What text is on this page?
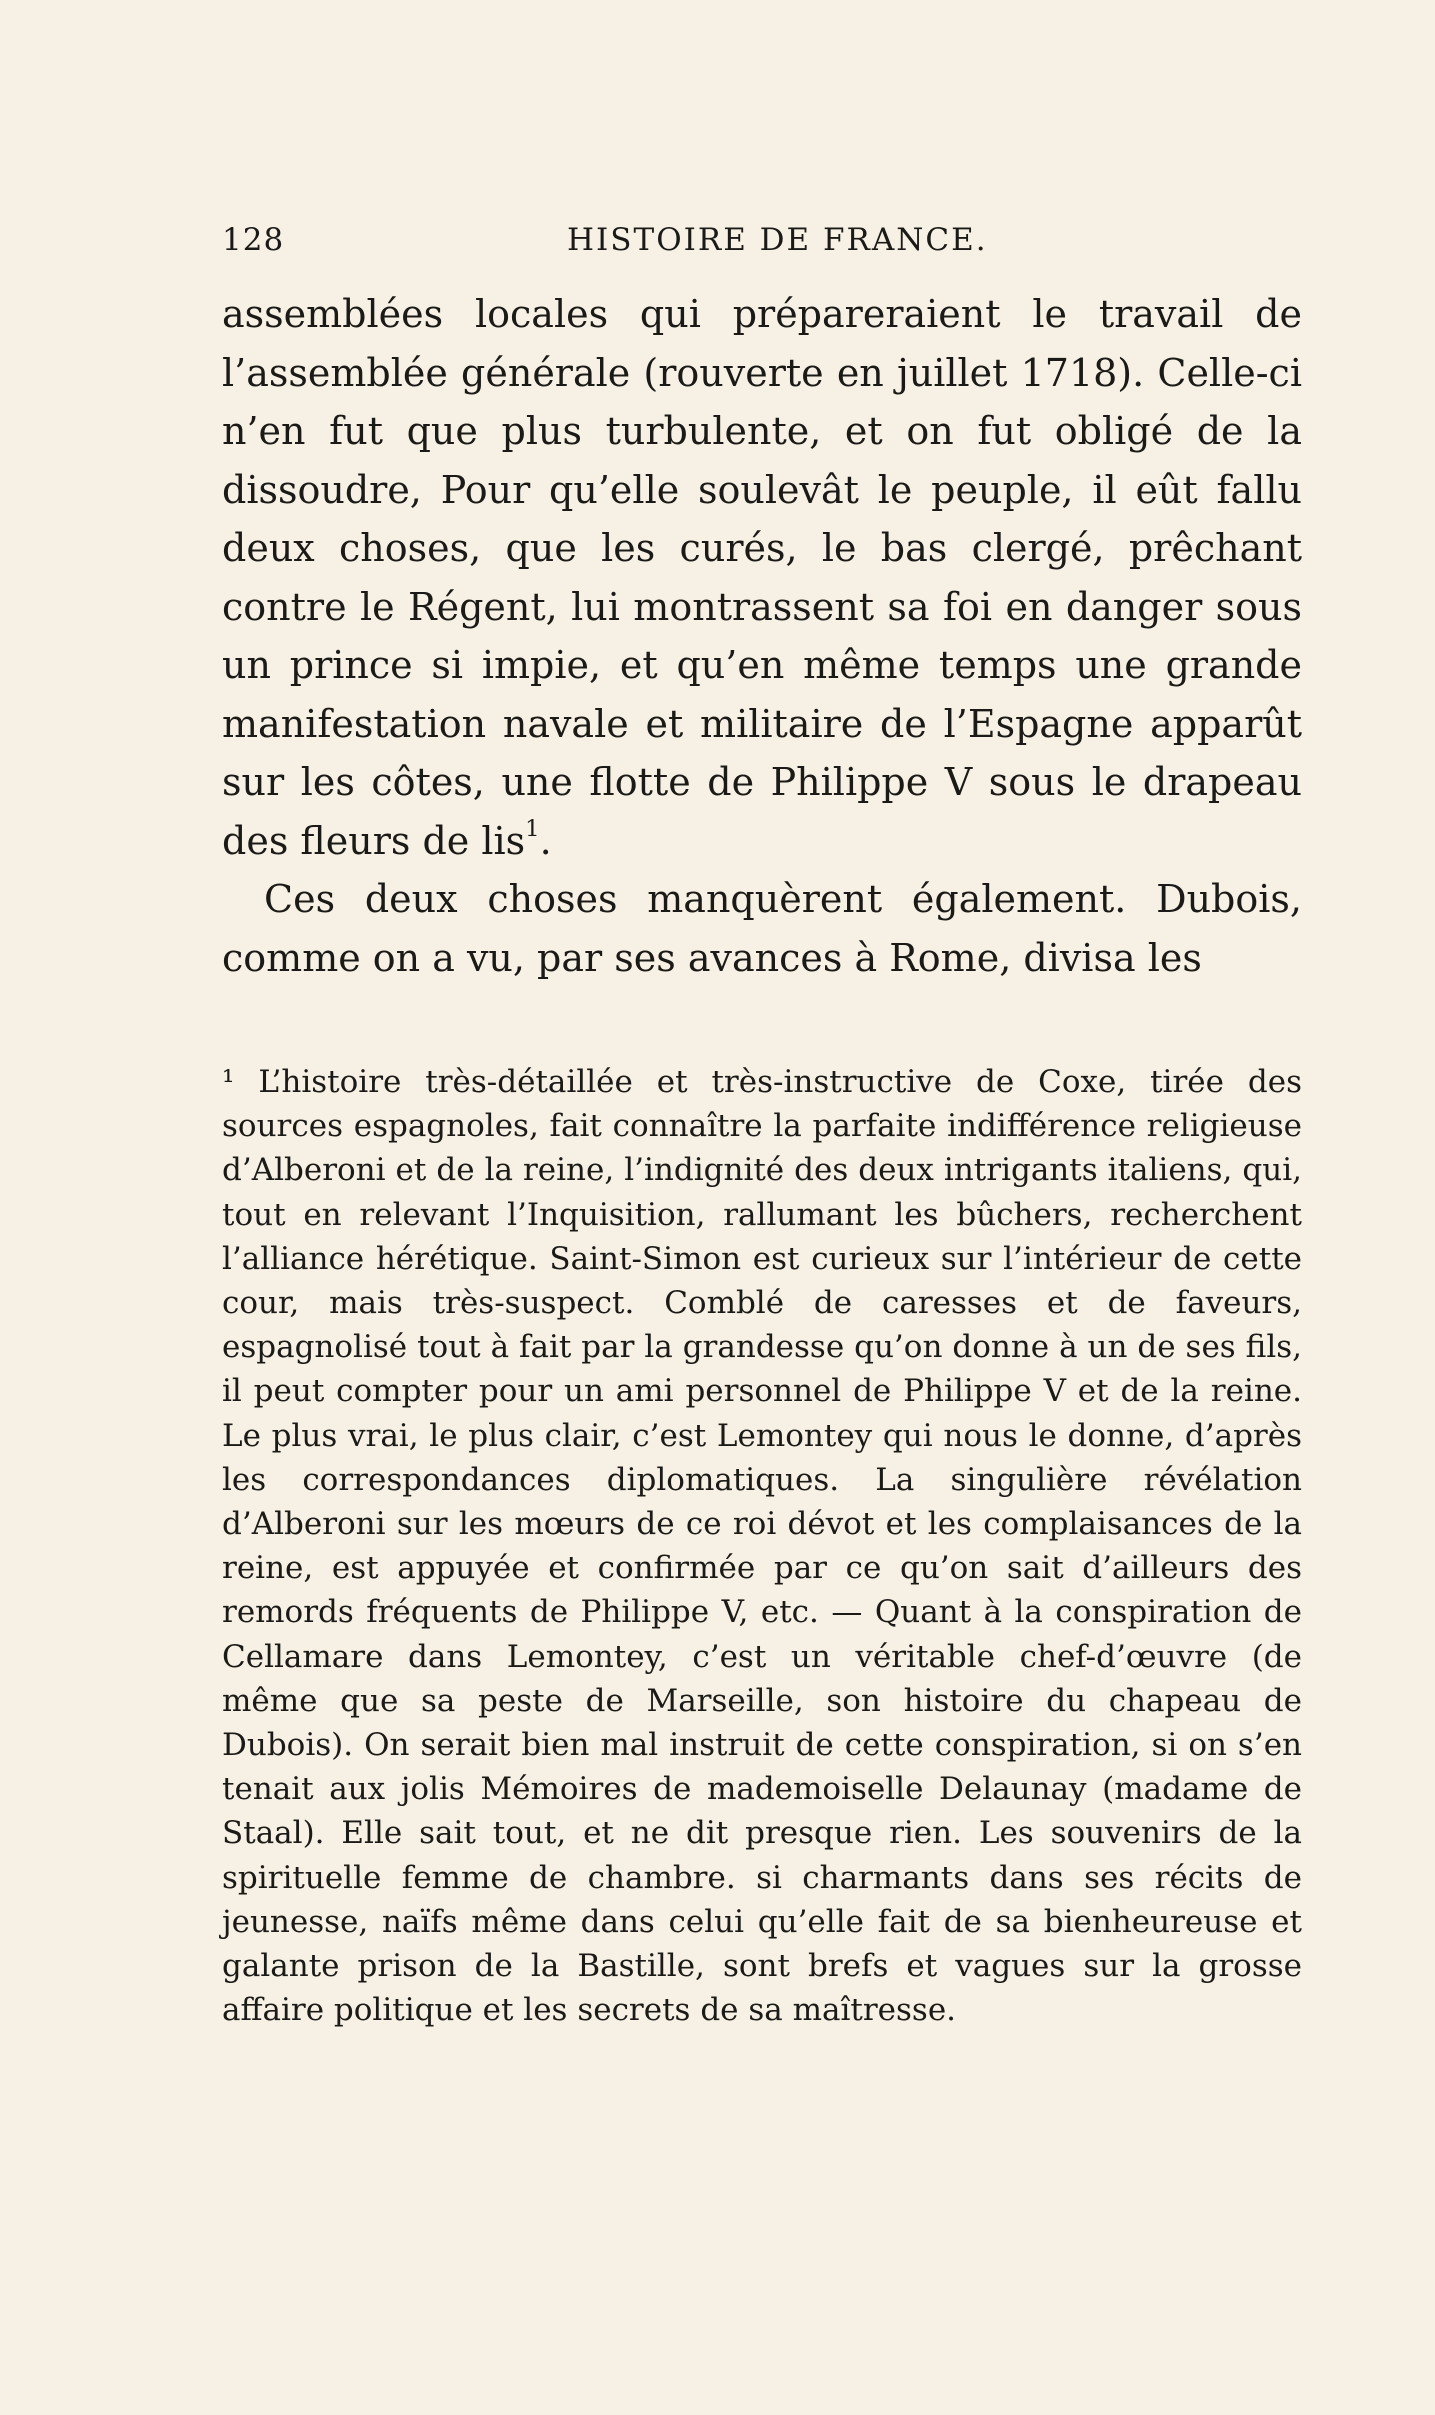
128	HISTOIRE DE FRANCE.

assemblées locales qui prépareraient le travail de l’assemblée générale (rouverte en juillet 1718). Celle-ci n’en fut que plus turbulente, et on fut obligé de la dissoudre, Pour qu’elle soulevât le peuple, il eût fallu deux choses, que les curés, le bas clergé, prêchant contre le Régent, lui montrassent sa foi en danger sous un prince si impie, et qu’en même temps une grande manifestation navale et militaire de l’Espagne apparût sur les côtes, une flotte de Philippe V sous le drapeau des fleurs de lis$^1$.

Ces deux choses manquèrent également. Dubois, comme on a vu, par ses avances à Rome, divisa les

¹ L’histoire très-détaillée et très-instructive de Coxe, tirée des sources espagnoles, fait connaître la parfaite indifférence religieuse d’Alberoni et de la reine, l’indignité des deux intrigants italiens, qui, tout en relevant l’Inquisition, rallumant les bûchers, recherchent l’alliance hérétique. Saint-Simon est curieux sur l’intérieur de cette cour, mais très-suspect. Comblé de caresses et de faveurs, espagnolisé tout à fait par la grandesse qu’on donne à un de ses fils, il peut compter pour un ami personnel de Philippe V et de la reine. Le plus vrai, le plus clair, c’est Lemontey qui nous le donne, d’après les correspondances diplomatiques. La singulière révélation d’Alberoni sur les mœurs de ce roi dévot et les complaisances de la reine, est appuyée et confirmée par ce qu’on sait d’ailleurs des remords fréquents de Philippe V, etc. — Quant à la conspiration de Cellamare dans Lemontey, c’est un véritable chef-d’œuvre (de même que sa peste de Marseille, son histoire du chapeau de Dubois). On serait bien mal instruit de cette conspiration, si on s’en tenait aux jolis Mémoires de mademoiselle Delaunay (madame de Staal). Elle sait tout, et ne dit presque rien. Les souvenirs de la spirituelle femme de chambre. si charmants dans ses récits de jeunesse, naïfs même dans celui qu’elle fait de sa bienheureuse et galante prison de la Bastille, sont brefs et vagues sur la grosse affaire politique et les secrets de sa maîtresse.
